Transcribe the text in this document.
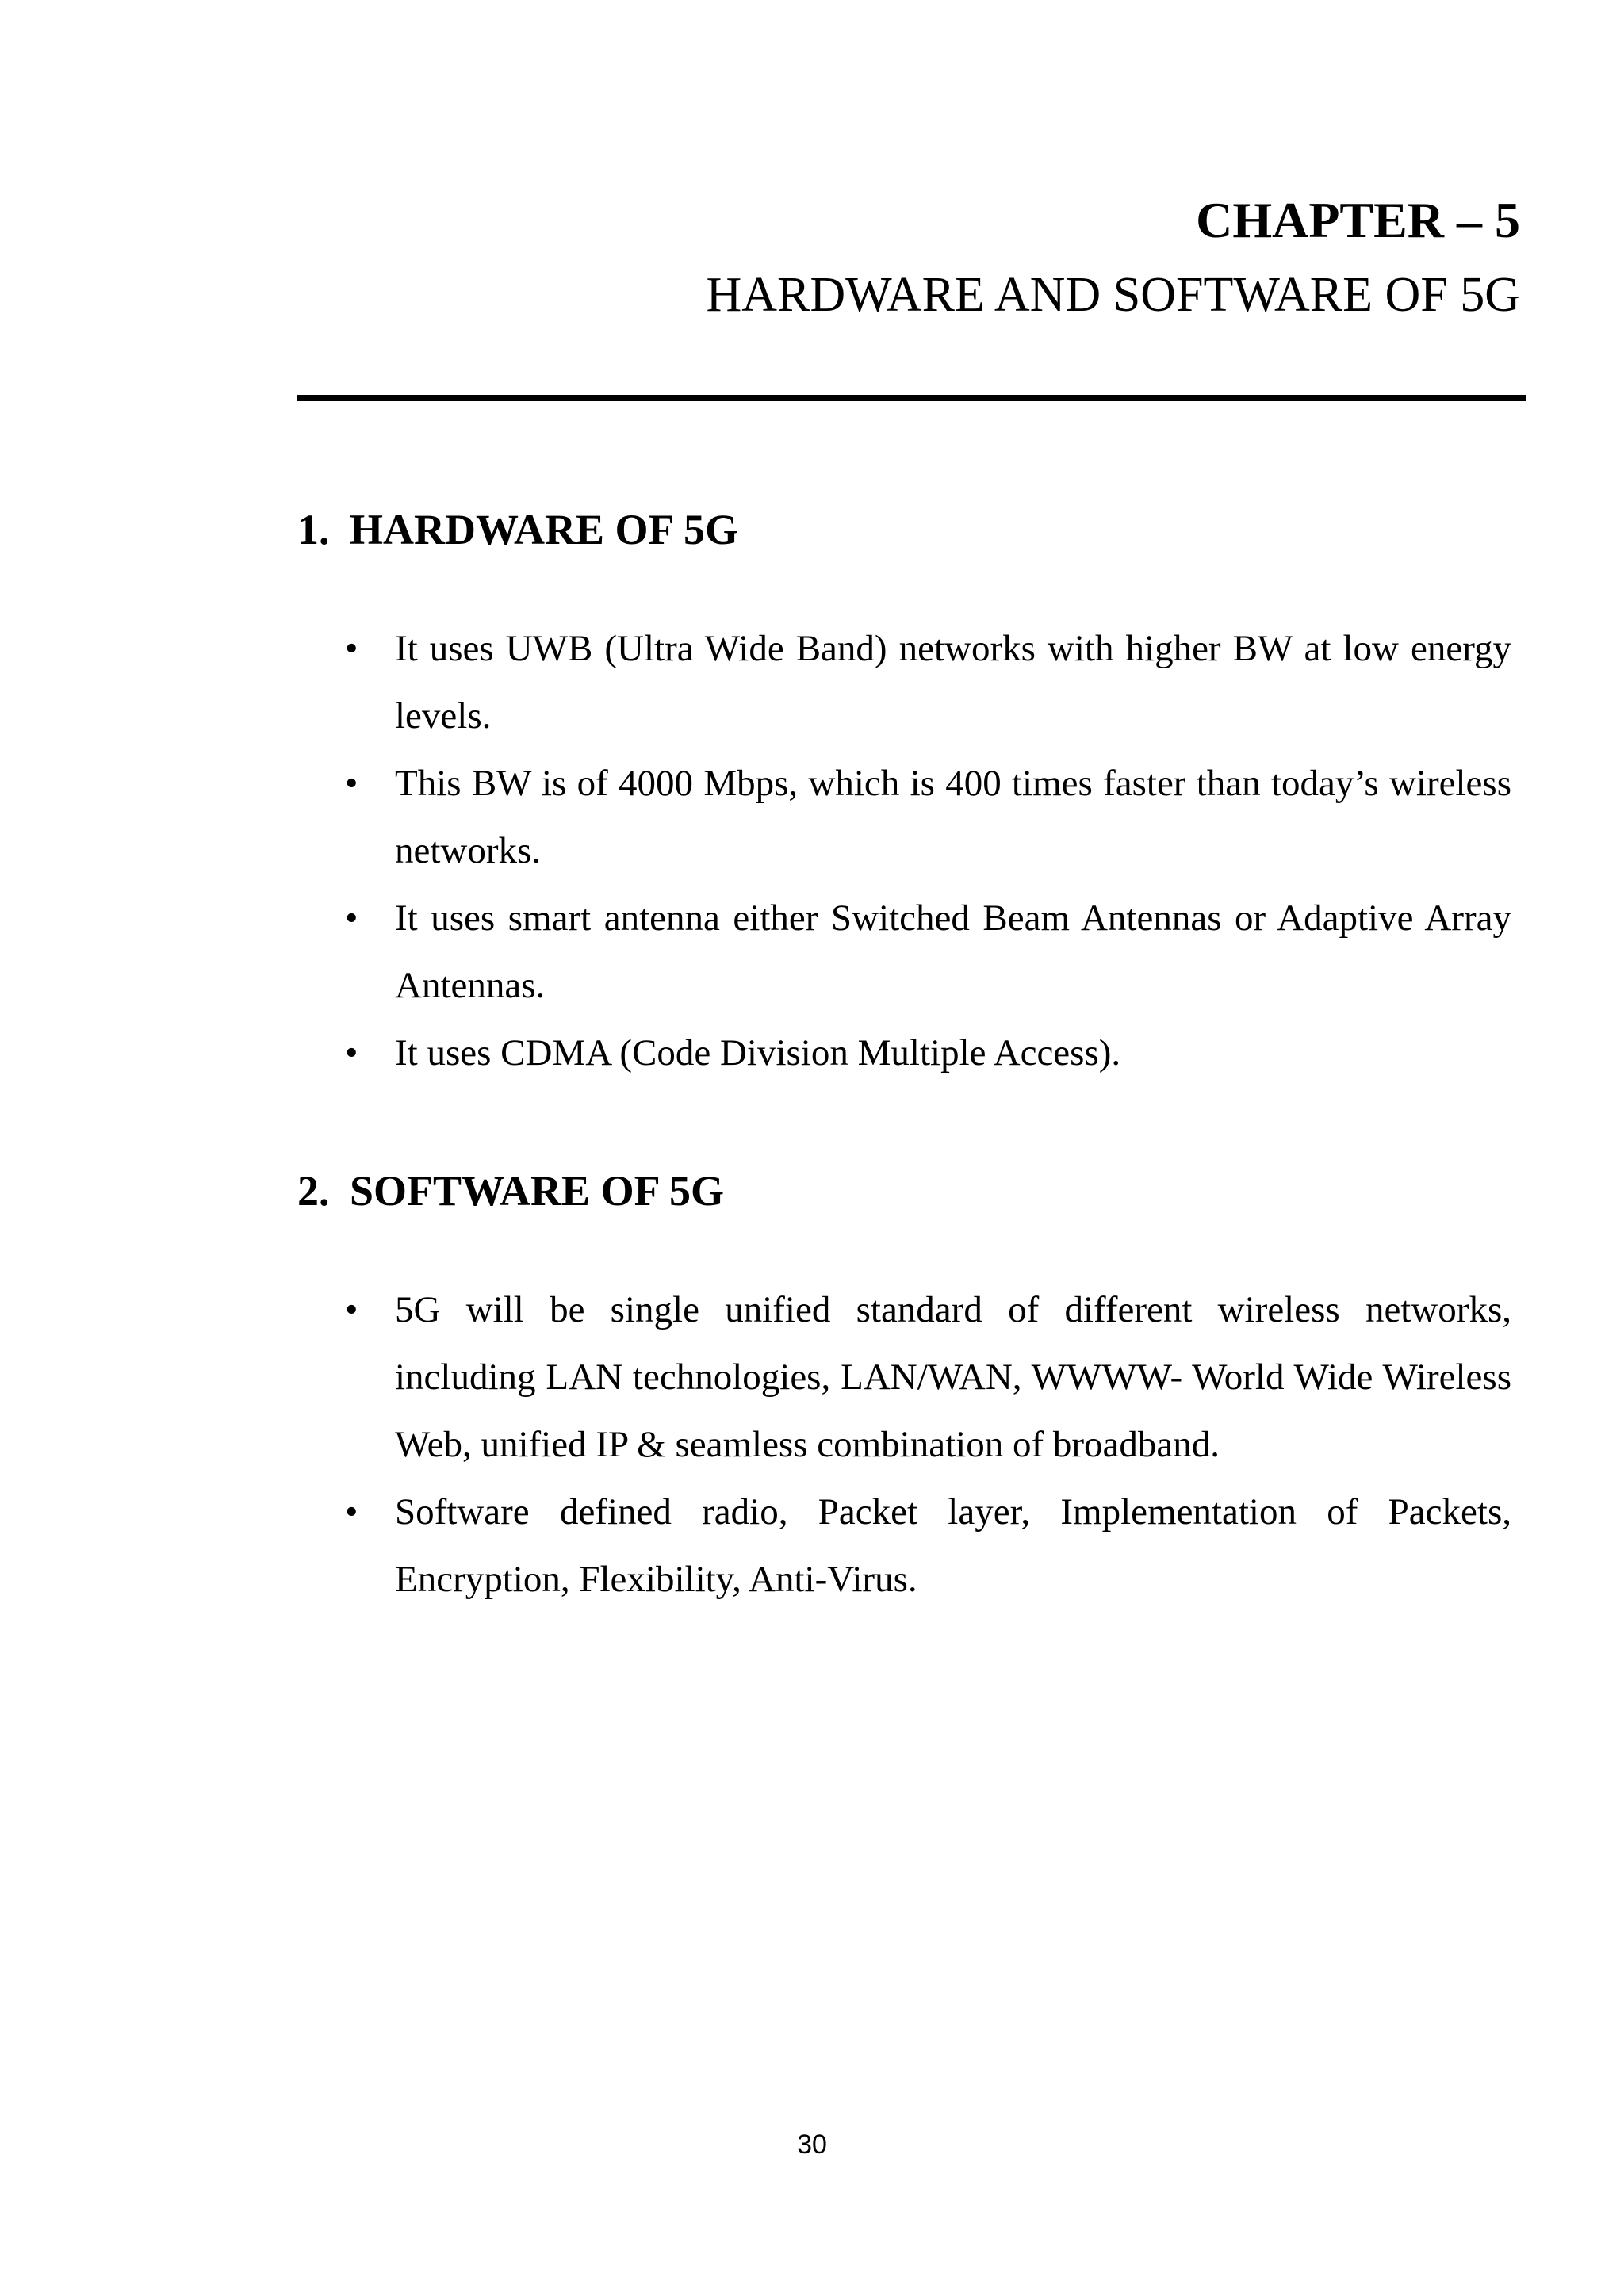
CHAPTER – 5
HARDWARE AND SOFTWARE OF 5G
1. HARDWARE OF 5G
• It uses UWB (Ultra Wide Band) networks with higher BW at low energy levels.
• This BW is of 4000 Mbps, which is 400 times faster than today’s wireless networks.
• It uses smart antenna either Switched Beam Antennas or Adaptive Array Antennas.
• It uses CDMA (Code Division Multiple Access).
2. SOFTWARE OF 5G
• 5G will be single unified standard of different wireless networks, including LAN technologies, LAN/WAN, WWWW- World Wide Wireless Web, unified IP & seamless combination of broadband.
• Software defined radio, Packet layer, Implementation of Packets, Encryption, Flexibility, Anti-Virus.
30
